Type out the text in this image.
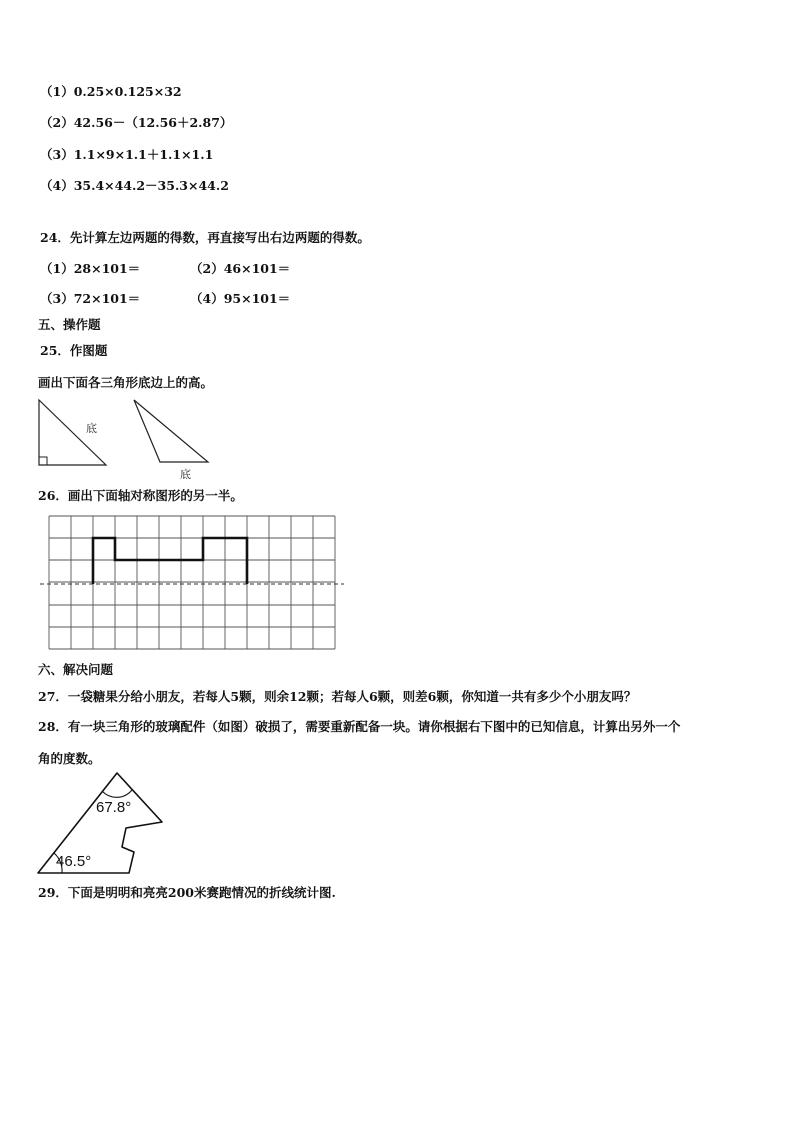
（1）0.25×0.125×32
（2）42.56－（12.56＋2.87）
（3）1.1×9×1.1＋1.1×1.1
（4）35.4×44.2－35.3×44.2
24．先计算左边两题的得数，再直接写出右边两题的得数。
（1）28×101＝	（2）46×101＝
（3）72×101＝	（4）95×101＝
五、操作题
25．作图题
画出下面各三角形底边上的高。
底
底
26．画出下面轴对称图形的另一半。
六、解决问题
27．一袋糖果分给小朋友，若每人5颗，则余12颗；若每人6颗，则差6颗，你知道一共有多少个小朋友吗？
28．有一块三角形的玻璃配件（如图）破损了，需要重新配备一块。请你根据右下图中的已知信息，计算出另外一个
角的度数。
67.8°
46.5°
29．下面是明明和亮亮200米赛跑情况的折线统计图.
